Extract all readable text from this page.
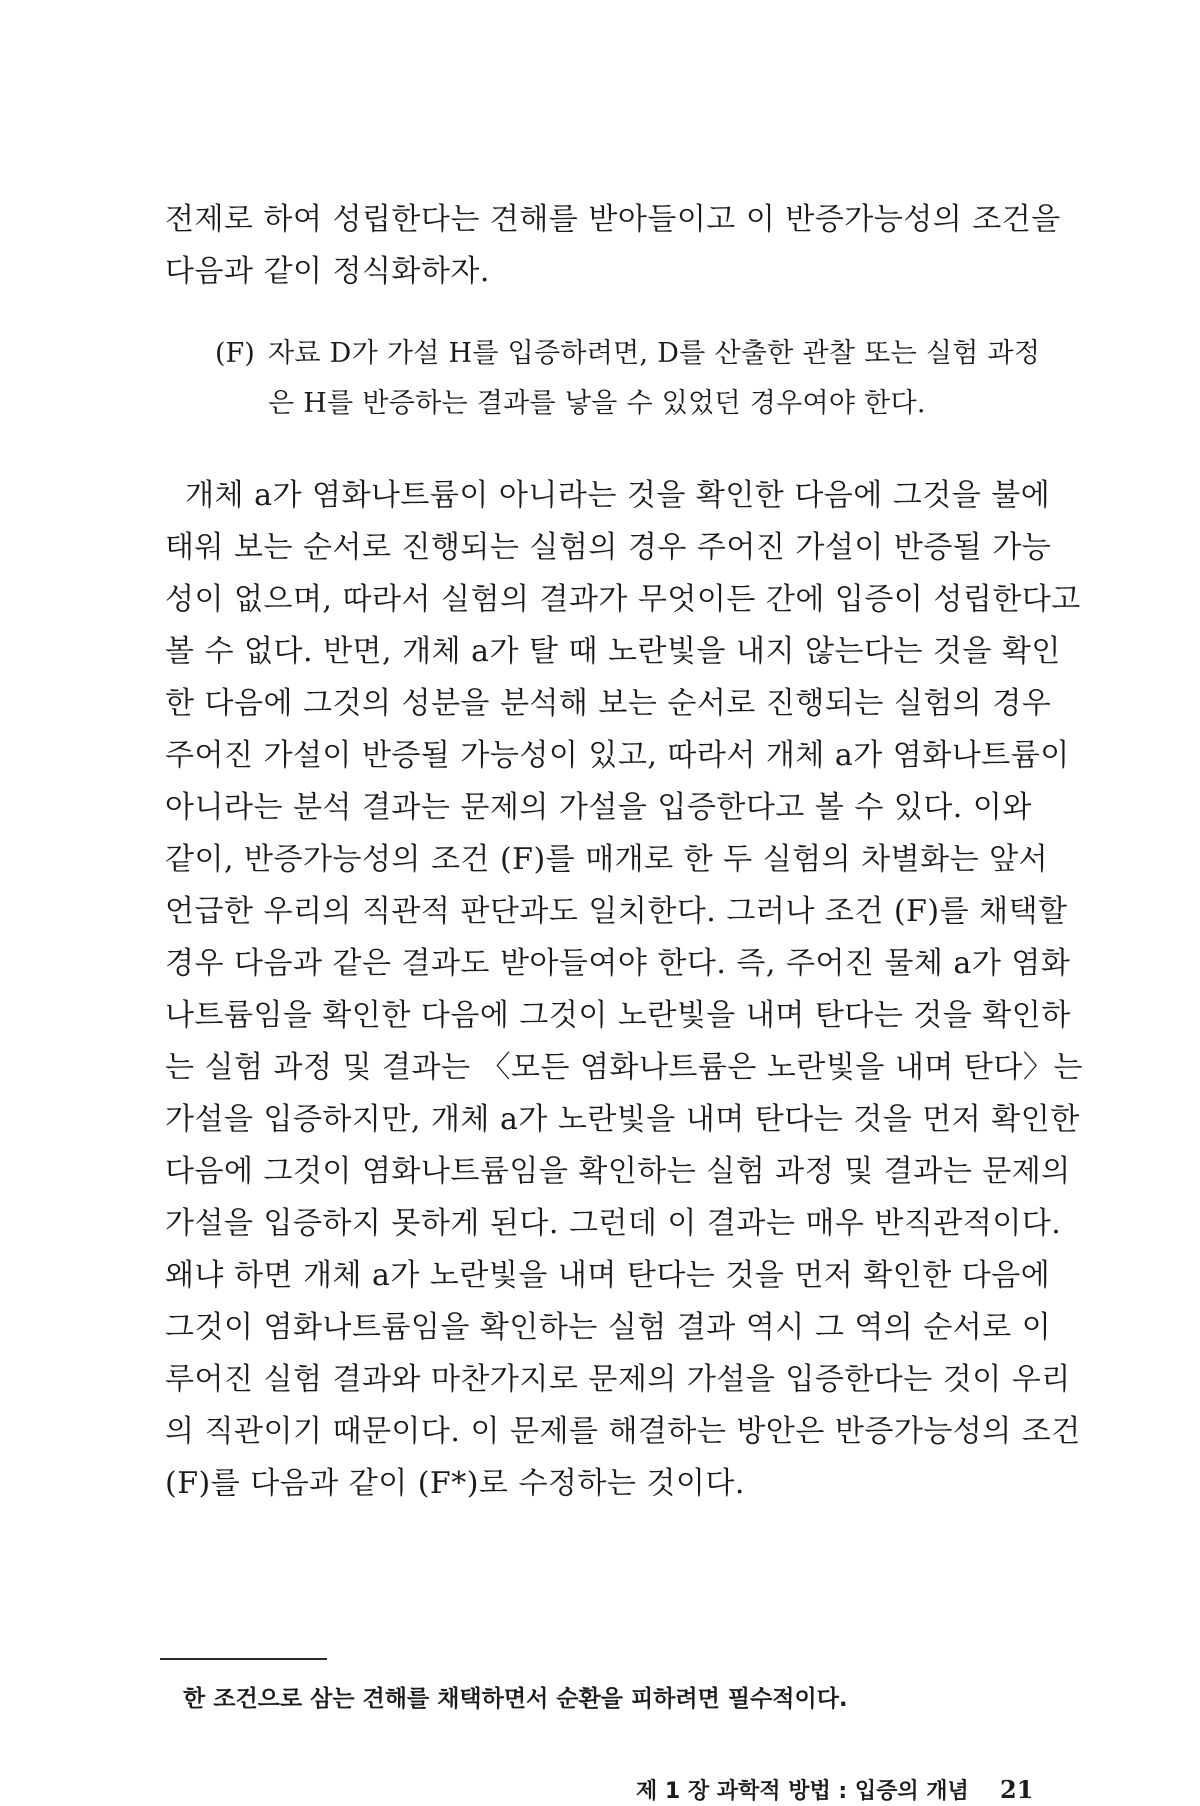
전제로 하여 성립한다는 견해를 받아들이고 이 반증가능성의 조건을
다음과 같이 정식화하자.
(F) 자료 D가 가설 H를 입증하려면, D를 산출한 관찰 또는 실험 과정
은 H를 반증하는 결과를 낳을 수 있었던 경우여야 한다.
개체 a가 염화나트륨이 아니라는 것을 확인한 다음에 그것을 불에
태워 보는 순서로 진행되는 실험의 경우 주어진 가설이 반증될 가능
성이 없으며, 따라서 실험의 결과가 무엇이든 간에 입증이 성립한다고
볼 수 없다. 반면, 개체 a가 탈 때 노란빛을 내지 않는다는 것을 확인
한 다음에 그것의 성분을 분석해 보는 순서로 진행되는 실험의 경우
주어진 가설이 반증될 가능성이 있고, 따라서 개체 a가 염화나트륨이
아니라는 분석 결과는 문제의 가설을 입증한다고 볼 수 있다. 이와
같이, 반증가능성의 조건 (F)를 매개로 한 두 실험의 차별화는 앞서
언급한 우리의 직관적 판단과도 일치한다. 그러나 조건 (F)를 채택할
경우 다음과 같은 결과도 받아들여야 한다. 즉, 주어진 물체 a가 염화
나트륨임을 확인한 다음에 그것이 노란빛을 내며 탄다는 것을 확인하
는 실험 과정 및 결과는 〈모든 염화나트륨은 노란빛을 내며 탄다〉는
가설을 입증하지만, 개체 a가 노란빛을 내며 탄다는 것을 먼저 확인한
다음에 그것이 염화나트륨임을 확인하는 실험 과정 및 결과는 문제의
가설을 입증하지 못하게 된다. 그런데 이 결과는 매우 반직관적이다.
왜냐 하면 개체 a가 노란빛을 내며 탄다는 것을 먼저 확인한 다음에
그것이 염화나트륨임을 확인하는 실험 결과 역시 그 역의 순서로 이
루어진 실험 결과와 마찬가지로 문제의 가설을 입증한다는 것이 우리
의 직관이기 때문이다. 이 문제를 해결하는 방안은 반증가능성의 조건
(F)를 다음과 같이 (F*)로 수정하는 것이다.
한 조건으로 삼는 견해를 채택하면서 순환을 피하려면 필수적이다.
제 1 장 과학적 방법 : 입증의 개념 21
